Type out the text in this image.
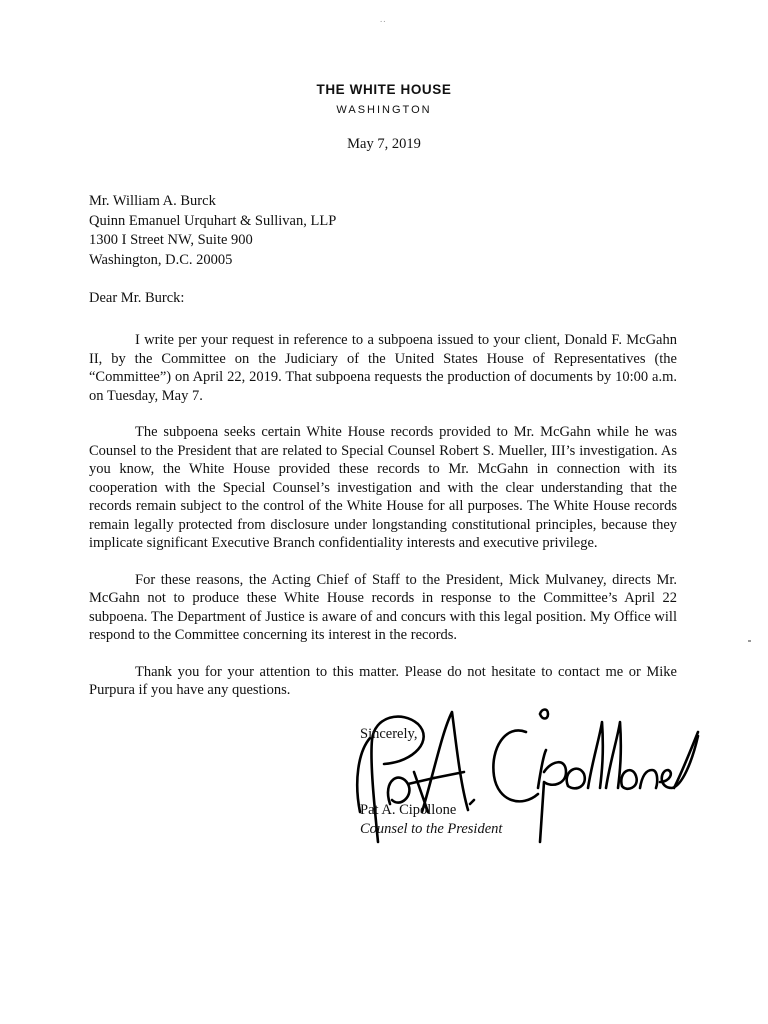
..
THE WHITE HOUSE
WASHINGTON
May 7, 2019
Mr. William A. Burck
Quinn Emanuel Urquhart & Sullivan, LLP
1300 I Street NW, Suite 900
Washington, D.C. 20005
Dear Mr. Burck:

I write per your request in reference to a subpoena issued to your client, Donald F. McGahn II, by the Committee on the Judiciary of the United States House of Representatives (the “Committee”) on April 22, 2019. That subpoena requests the production of documents by 10:00 a.m. on Tuesday, May 7.

The subpoena seeks certain White House records provided to Mr. McGahn while he was Counsel to the President that are related to Special Counsel Robert S. Mueller, III’s investigation. As you know, the White House provided these records to Mr. McGahn in connection with its cooperation with the Special Counsel’s investigation and with the clear understanding that the records remain subject to the control of the White House for all purposes. The White House records remain legally protected from disclosure under longstanding constitutional principles, because they implicate significant Executive Branch confidentiality interests and executive privilege.

For these reasons, the Acting Chief of Staff to the President, Mick Mulvaney, directs Mr. McGahn not to produce these White House records in response to the Committee’s April 22 subpoena. The Department of Justice is aware of and concurs with this legal position. My Office will respond to the Committee concerning its interest in the records.

Thank you for your attention to this matter. Please do not hesitate to contact me or Mike Purpura if you have any questions.

Sincerely,
Pat A. Cipollone
Counsel to the President
